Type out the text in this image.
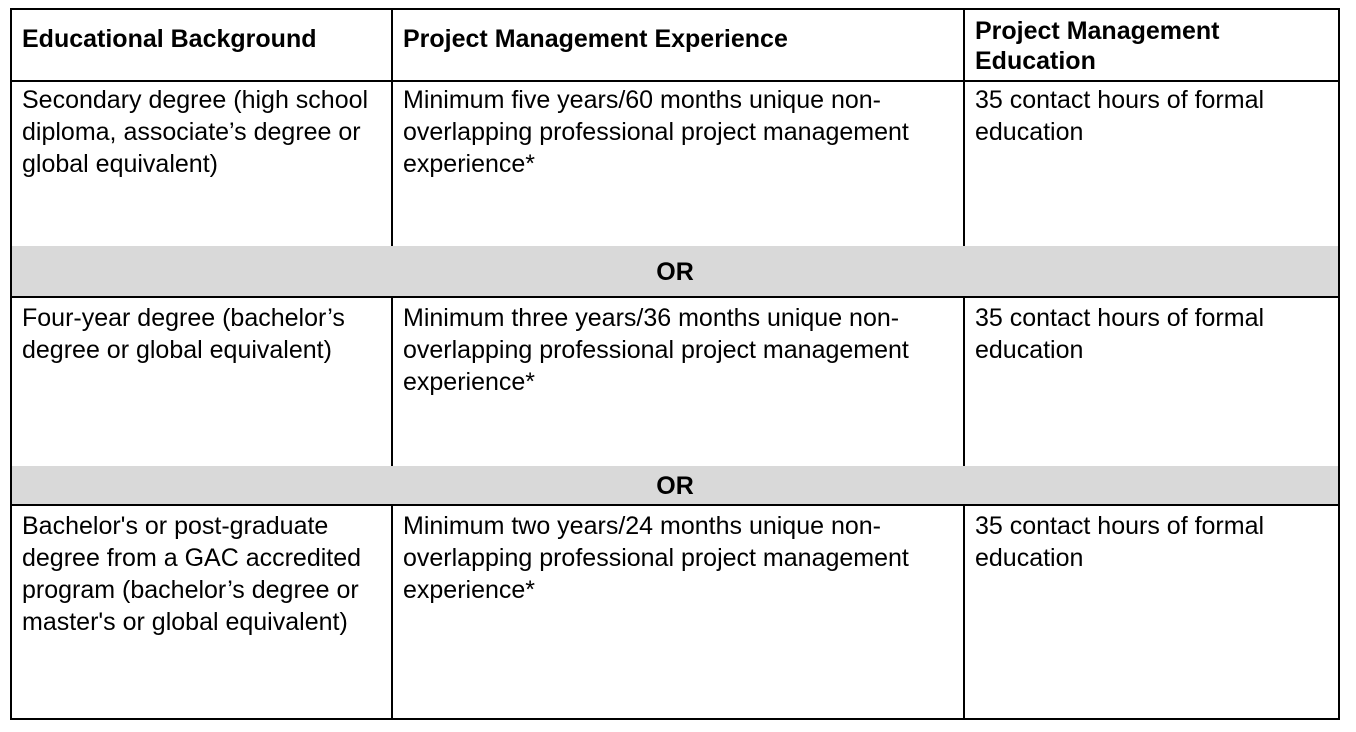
Educational Background	Project Management Experience	Project Management Education
Secondary degree (high school diploma, associate’s degree or global equivalent)
Minimum five years/60 months unique non-overlapping professional project management experience*
35 contact hours of formal education
OR
Four-year degree (bachelor’s degree or global equivalent)
Minimum three years/36 months unique non-overlapping professional project management experience*
35 contact hours of formal education
OR
Bachelor's or post-graduate degree from a GAC accredited program (bachelor’s degree or master's or global equivalent)
Minimum two years/24 months unique non-overlapping professional project management experience*
35 contact hours of formal education
